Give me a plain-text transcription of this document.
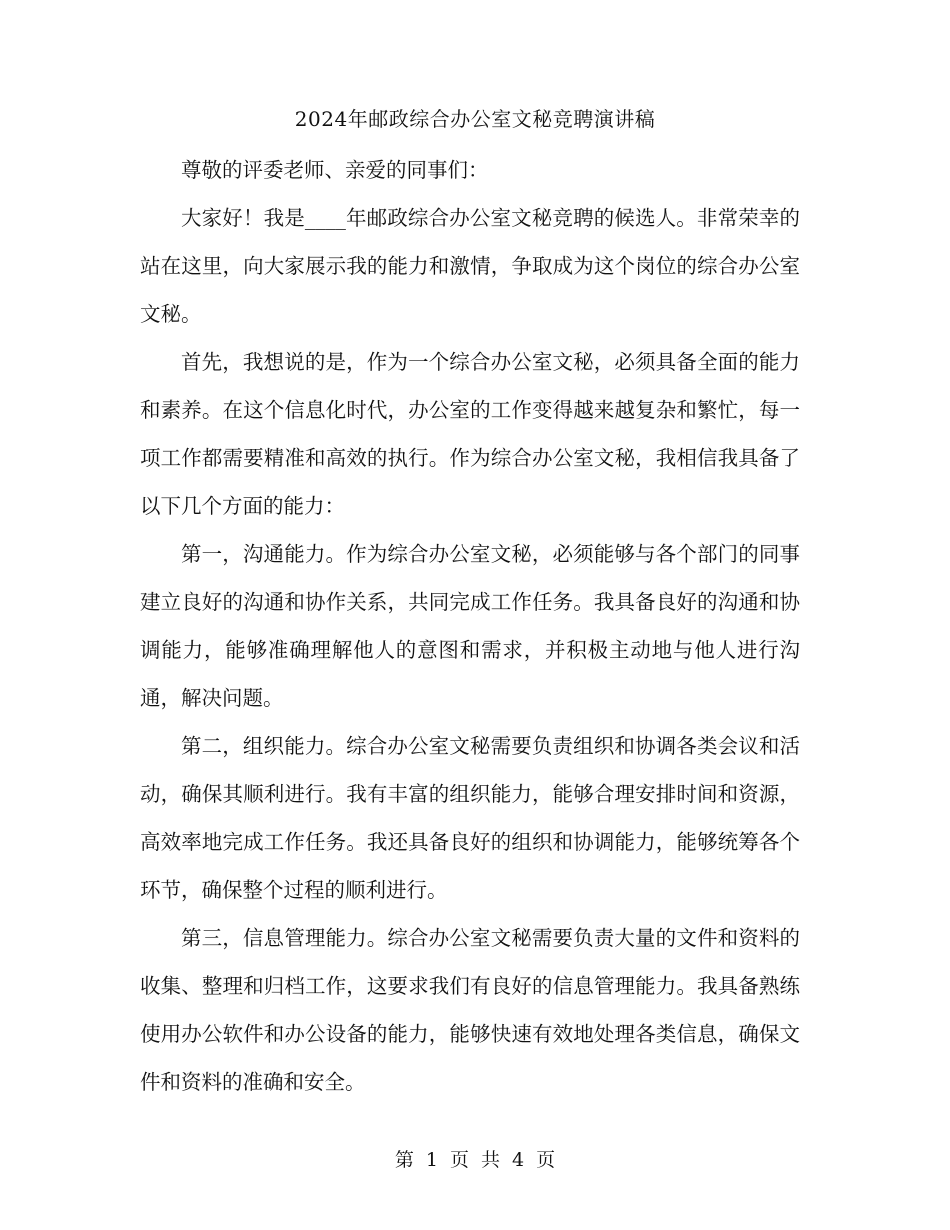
2024年邮政综合办公室文秘竞聘演讲稿

尊敬的评委老师、亲爱的同事们：

大家好！我是____年邮政综合办公室文秘竞聘的候选人。非常荣幸的站在这里，向大家展示我的能力和激情，争取成为这个岗位的综合办公室文秘。

首先，我想说的是，作为一个综合办公室文秘，必须具备全面的能力和素养。在这个信息化时代，办公室的工作变得越来越复杂和繁忙，每一项工作都需要精准和高效的执行。作为综合办公室文秘，我相信我具备了以下几个方面的能力：

第一，沟通能力。作为综合办公室文秘，必须能够与各个部门的同事建立良好的沟通和协作关系，共同完成工作任务。我具备良好的沟通和协调能力，能够准确理解他人的意图和需求，并积极主动地与他人进行沟通，解决问题。

第二，组织能力。综合办公室文秘需要负责组织和协调各类会议和活动，确保其顺利进行。我有丰富的组织能力，能够合理安排时间和资源，高效率地完成工作任务。我还具备良好的组织和协调能力，能够统筹各个环节，确保整个过程的顺利进行。

第三，信息管理能力。综合办公室文秘需要负责大量的文件和资料的收集、整理和归档工作，这要求我们有良好的信息管理能力。我具备熟练使用办公软件和办公设备的能力，能够快速有效地处理各类信息，确保文件和资料的准确和安全。

第 1 页 共 4 页
